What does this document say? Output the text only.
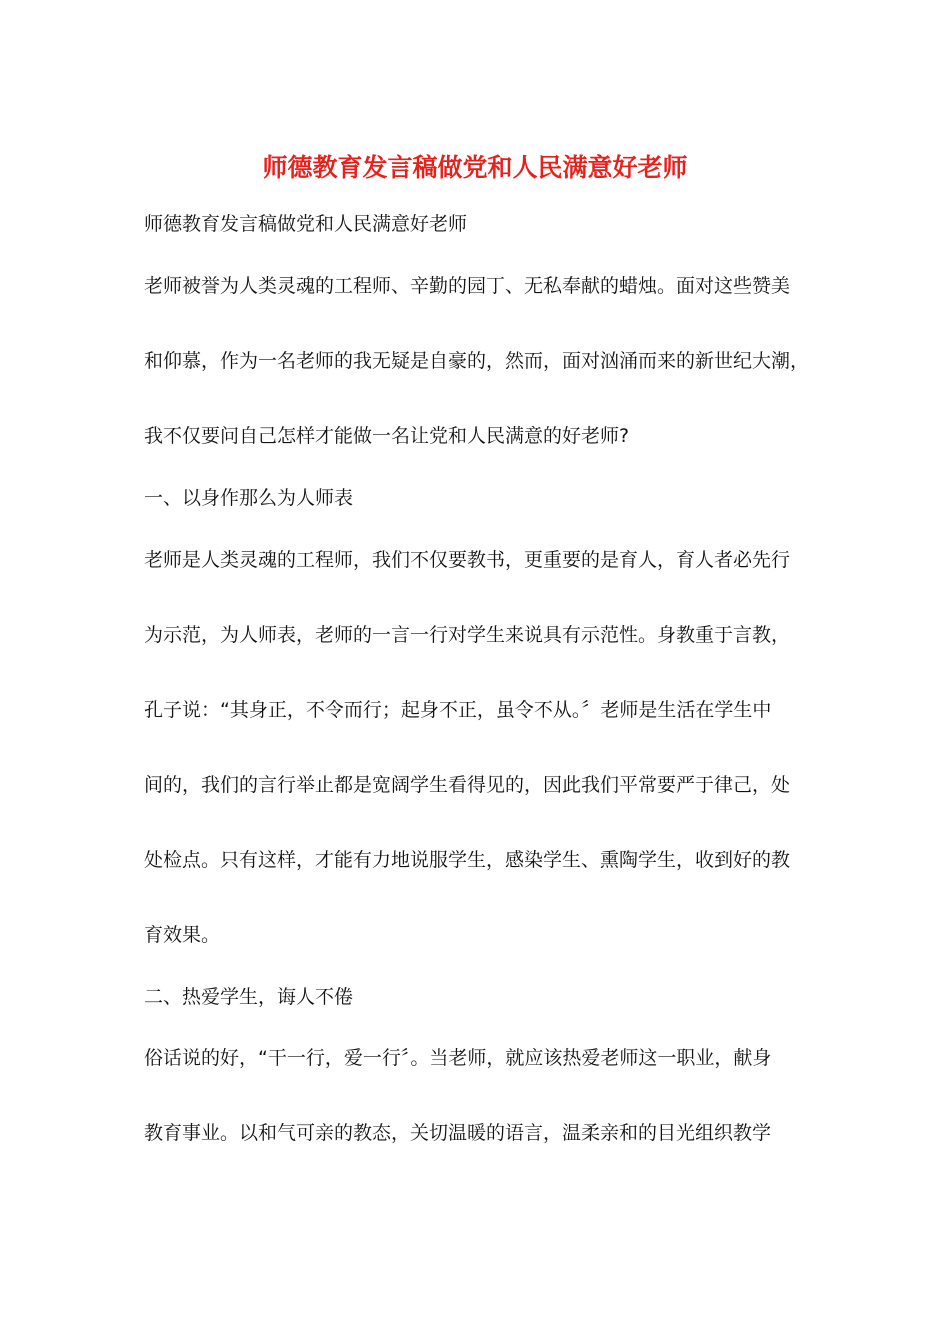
师德教育发言稿做党和人民满意好老师
师德教育发言稿做党和人民满意好老师
老师被誉为人类灵魂的工程师、辛勤的园丁、无私奉献的蜡烛。面对这些赞美
和仰慕，作为一名老师的我无疑是自豪的，然而，面对汹涌而来的新世纪大潮，
我不仅要问自己怎样才能做一名让党和人民满意的好老师?
一、以身作那么为人师表
老师是人类灵魂的工程师，我们不仅要教书，更重要的是育人，育人者必先行
为示范，为人师表，老师的一言一行对学生来说具有示范性。身教重于言教，
孔子说：“其身正，不令而行；起身不正，虽令不从。〞老师是生活在学生中
间的，我们的言行举止都是宽阔学生看得见的，因此我们平常要严于律己，处
处检点。只有这样，才能有力地说服学生，感染学生、熏陶学生，收到好的教
育效果。
二、热爱学生，诲人不倦
俗话说的好，“干一行，爱一行〞。当老师，就应该热爱老师这一职业，献身
教育事业。以和气可亲的教态，关切温暖的语言，温柔亲和的目光组织教学
